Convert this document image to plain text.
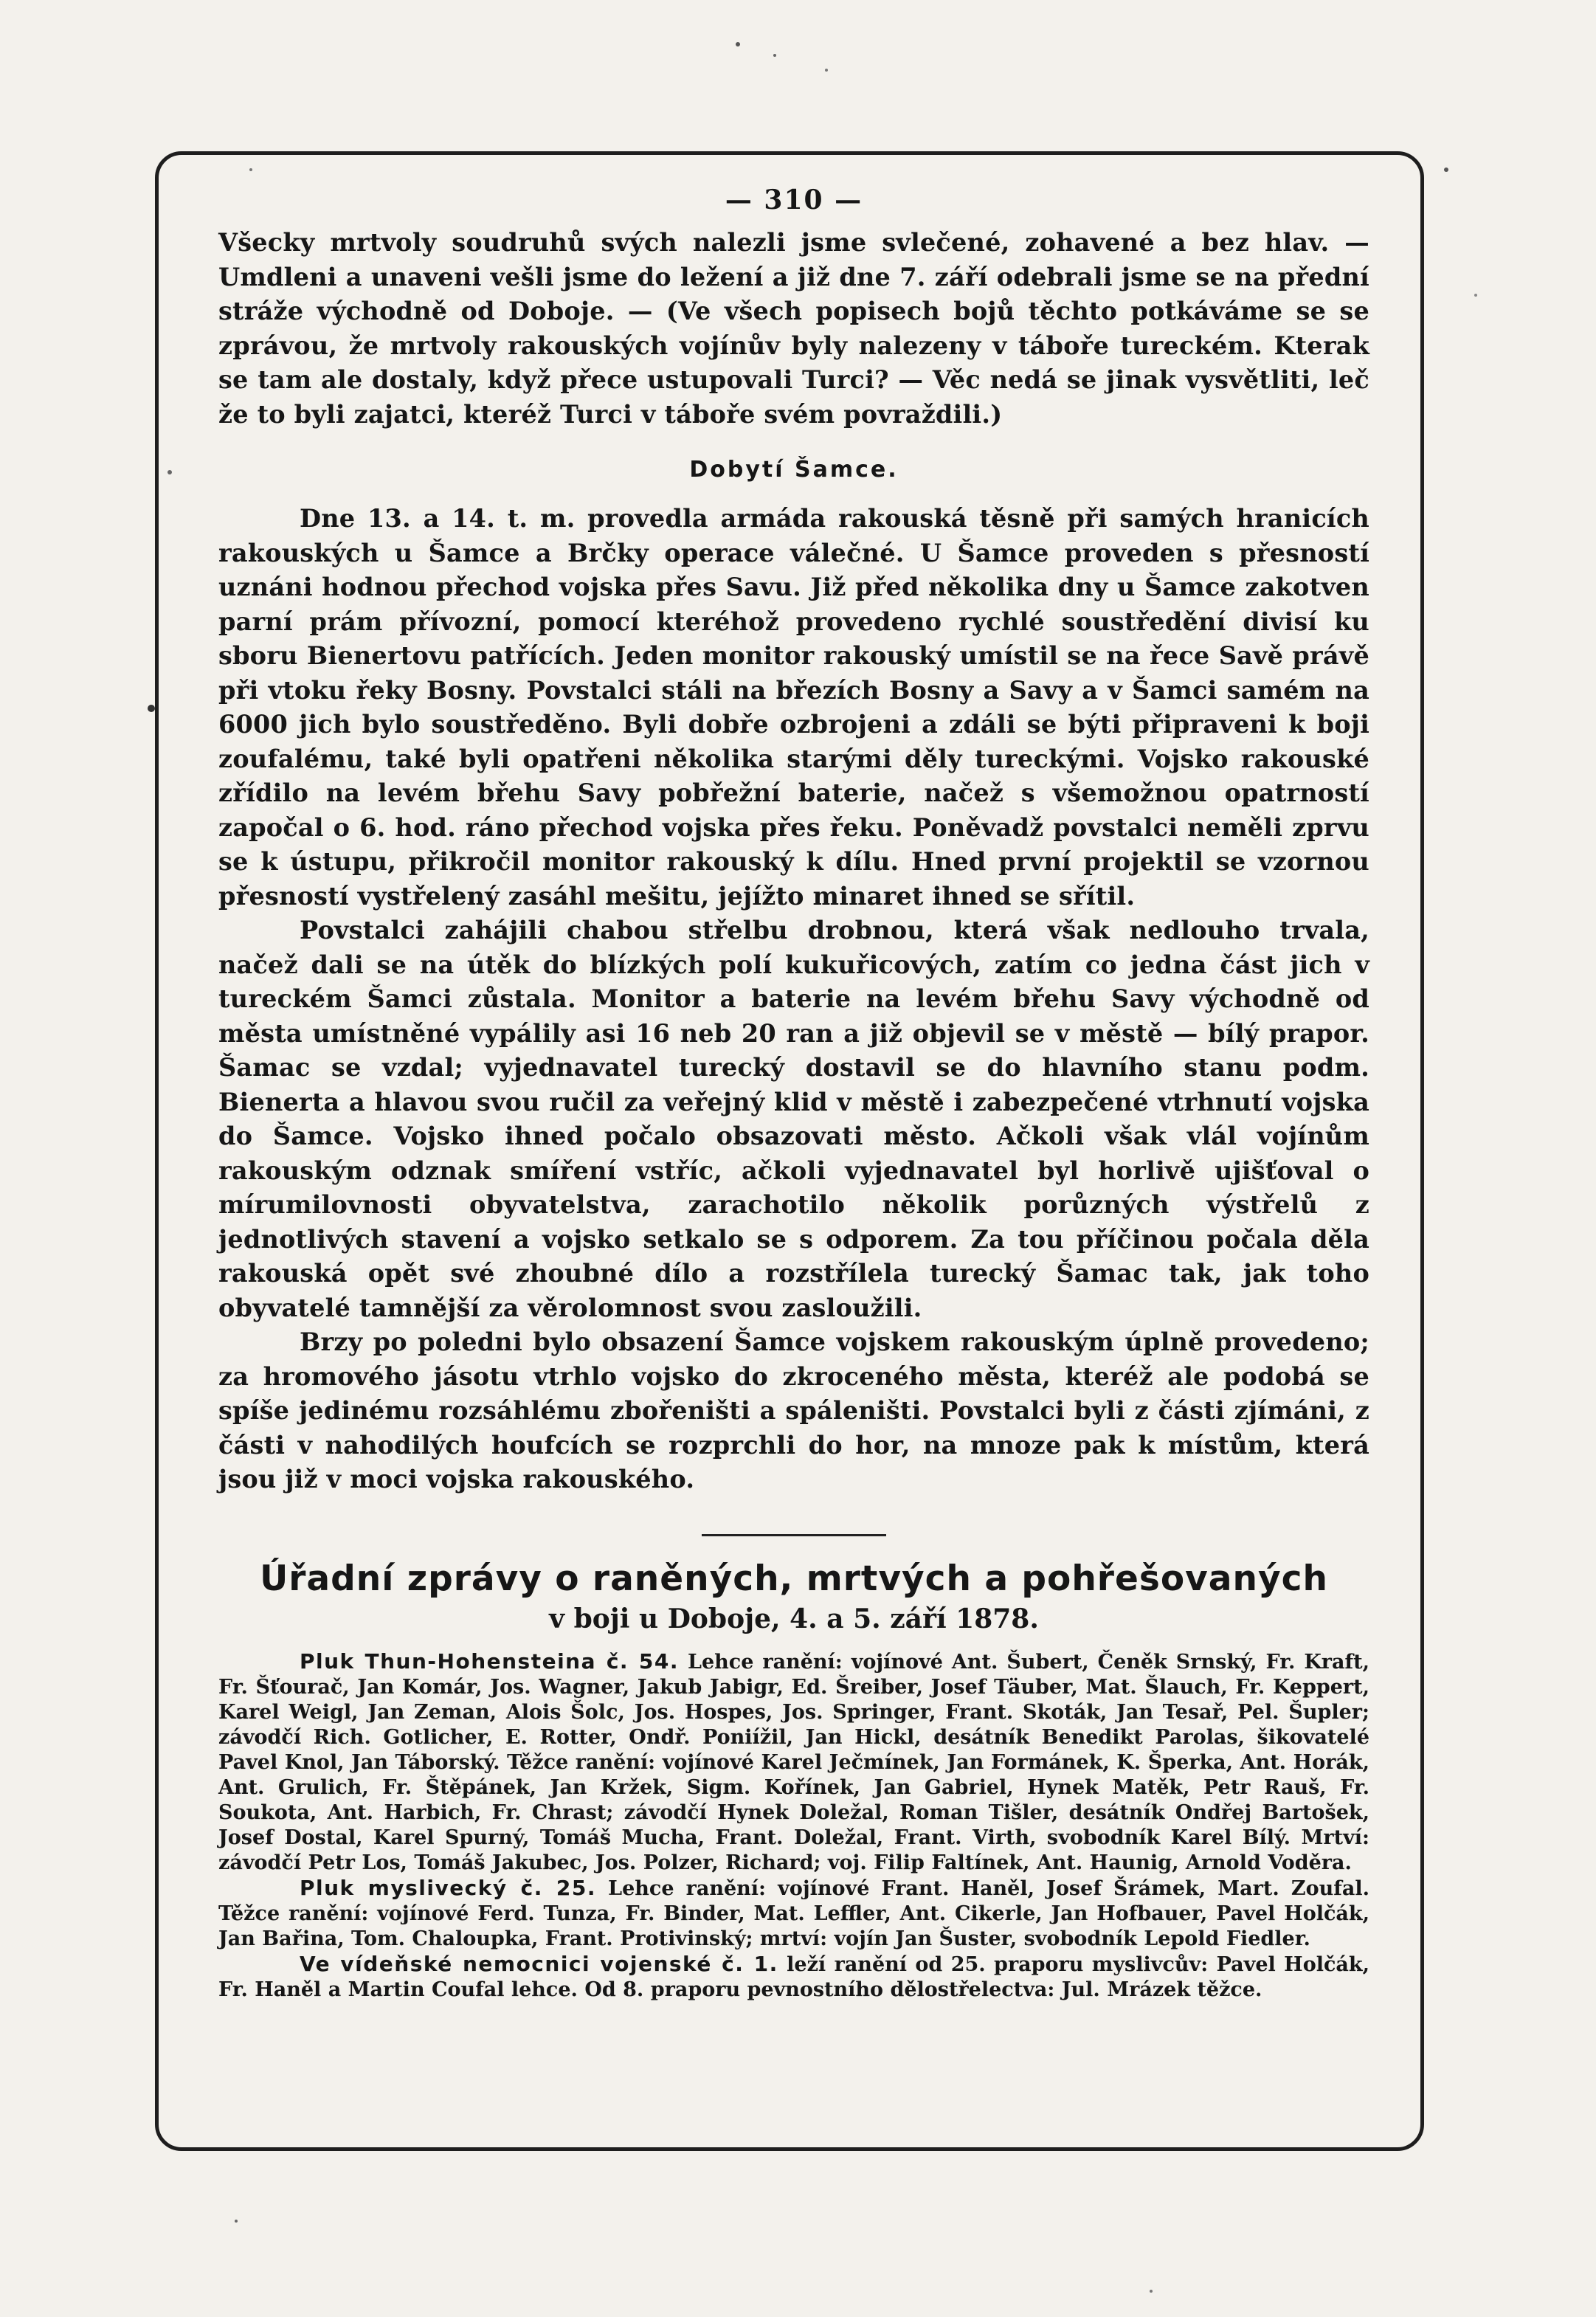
— 310 —

Všecky mrtvoly soudruhů svých nalezli jsme svlečené, zohavené a bez hlav. — Umdleni a unaveni vešli jsme do ležení a již dne 7. září odebrali jsme se na přední stráže východně od Doboje. — (Ve všech popisech bojů těchto potkáváme se se zprávou, že mrtvoly rakouských vojínův byly nalezeny v táboře tureckém. Kterak se tam ale dostaly, když přece ustupovali Turci? — Věc nedá se jinak vysvětliti, leč že to byli zajatci, kteréž Turci v táboře svém povraždili.)

Dobytí Šamce.

Dne 13. a 14. t. m. provedla armáda rakouská těsně při samých hranicích rakouských u Šamce a Brčky operace válečné. U Šamce proveden s přesností uznáni hodnou přechod vojska přes Savu. Již před několika dny u Šamce zakotven parní prám přívozní, pomocí kteréhož provedeno rychlé soustředění divisí ku sboru Bienertovu patřících. Jeden monitor rakouský umístil se na řece Savě právě při vtoku řeky Bosny. Povstalci stáli na březích Bosny a Savy a v Šamci samém na 6000 jich bylo soustředěno. Byli dobře ozbrojeni a zdáli se býti připraveni k boji zoufalému, také byli opatřeni několika starými děly tureckými. Vojsko rakouské zřídilo na levém břehu Savy pobřežní baterie, načež s všemožnou opatrností započal o 6. hod. ráno přechod vojska přes řeku. Poněvadž povstalci neměli zprvu se k ústupu, přikročil monitor rakouský k dílu. Hned první projektil se vzornou přesností vystřelený zasáhl mešitu, jejížto minaret ihned se sřítil.

Povstalci zahájili chabou střelbu drobnou, která však nedlouho trvala, načež dali se na útěk do blízkých polí kukuřicových, zatím co jedna část jich v tureckém Šamci zůstala. Monitor a baterie na levém břehu Savy východně od města umístněné vypálily asi 16 neb 20 ran a již objevil se v městě — bílý prapor. Šamac se vzdal; vyjednavatel turecký dostavil se do hlavního stanu podm. Bienerta a hlavou svou ručil za veřejný klid v městě i zabezpečené vtrhnutí vojska do Šamce. Vojsko ihned počalo obsazovati město. Ačkoli však vlál vojínům rakouským odznak smíření vstříc, ačkoli vyjednavatel byl horlivě ujišťoval o mírumilovnosti obyvatelstva, zarachotilo několik porůzných výstřelů z jednotlivých stavení a vojsko setkalo se s odporem. Za tou příčinou počala děla rakouská opět své zhoubné dílo a rozstřílela turecký Šamac tak, jak toho obyvatelé tamnější za věrolomnost svou zasloužili.

Brzy po poledni bylo obsazení Šamce vojskem rakouským úplně provedeno; za hromového jásotu vtrhlo vojsko do zkroceného města, kteréž ale podobá se spíše jedinému rozsáhlému zbořeništi a spáleništi. Povstalci byli z části zjímáni, z části v nahodilých houfcích se rozprchli do hor, na mnoze pak k místům, která jsou již v moci vojska rakouského.

Úřadní zprávy o raněných, mrtvých a pohřešovaných
v boji u Doboje, 4. a 5. září 1878.

Pluk Thun-Hohensteina č. 54. Lehce ranění: vojínové Ant. Šubert, Čeněk Srnský, Fr. Kraft, Fr. Šťourač, Jan Komár, Jos. Wagner, Jakub Jabigr, Ed. Šreiber, Josef Täuber, Mat. Šlauch, Fr. Keppert, Karel Weigl, Jan Zeman, Alois Šolc, Jos. Hospes, Jos. Springer, Frant. Skoták, Jan Tesař, Pel. Šupler; závodčí Rich. Gotlicher, E. Rotter, Ondř. Poniížil, Jan Hickl, desátník Benedikt Parolas, šikovatelé Pavel Knol, Jan Táborský. Těžce ranění: vojínové Karel Ječmínek, Jan Formánek, K. Šperka, Ant. Horák, Ant. Grulich, Fr. Štěpánek, Jan Kržek, Sigm. Kořínek, Jan Gabriel, Hynek Matěk, Petr Rauš, Fr. Soukota, Ant. Harbich, Fr. Chrast; závodčí Hynek Doležal, Roman Tišler, desátník Ondřej Bartošek, Josef Dostal, Karel Spurný, Tomáš Mucha, Frant. Doležal, Frant. Virth, svobodník Karel Bílý. Mrtví: závodčí Petr Los, Tomáš Jakubec, Jos. Polzer, Richard; voj. Filip Faltínek, Ant. Haunig, Arnold Voděra.

Pluk myslivecký č. 25. Lehce ranění: vojínové Frant. Haněl, Josef Šrámek, Mart. Zoufal. Těžce ranění: vojínové Ferd. Tunza, Fr. Binder, Mat. Leffler, Ant. Cikerle, Jan Hofbauer, Pavel Holčák, Jan Bařina, Tom. Chaloupka, Frant. Protivinský; mrtví: vojín Jan Šuster, svobodník Lepold Fiedler.

Ve vídeňské nemocnici vojenské č. 1. leží ranění od 25. praporu myslivcův: Pavel Holčák, Fr. Haněl a Martin Coufal lehce. Od 8. praporu pevnostního dělostřelectva: Jul. Mrázek těžce.
